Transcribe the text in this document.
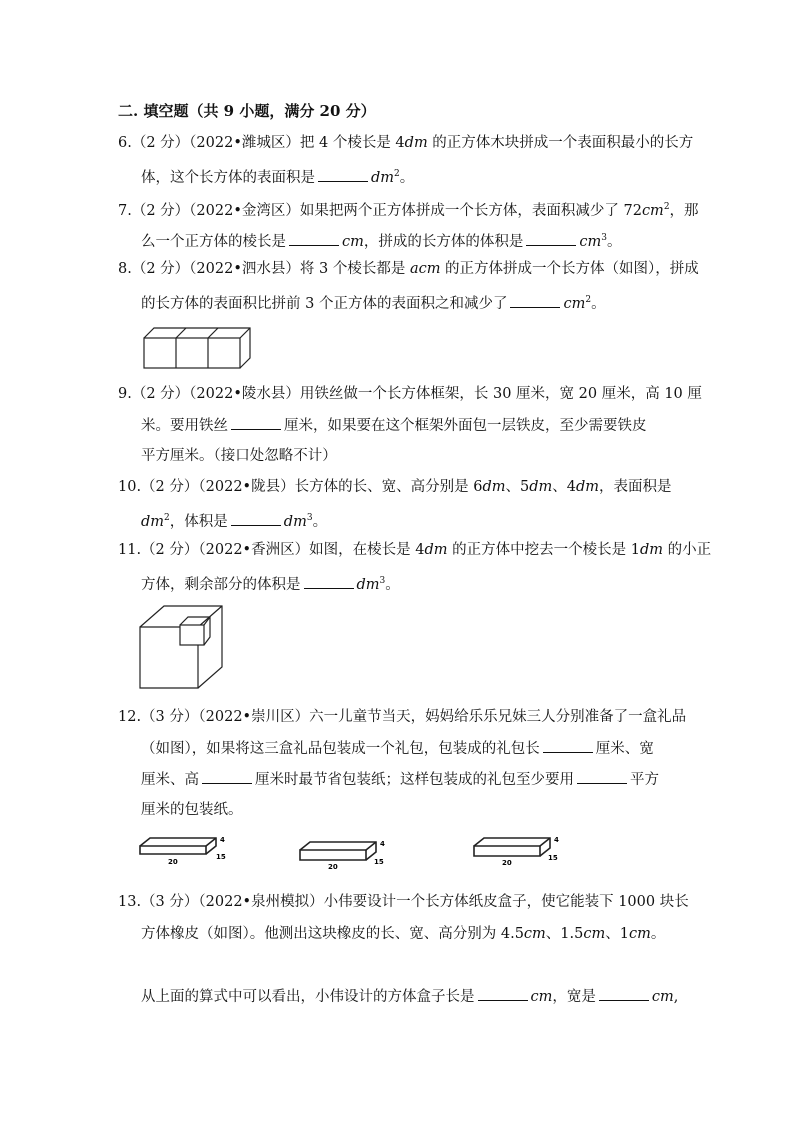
二. 填空题（共 9 小题，满分 20 分）
6.（2 分）（2022•潍城区）把 4 个棱长是 4dm 的正方体木块拼成一个表面积最小的长方
体，这个长方体的表面积是	$dm^2$。
7.（2 分）（2022•金湾区）如果把两个正方体拼成一个长方体，表面积减少了 $72cm^2$，那
么一个正方体的棱长是	cm，拼成的长方体的体积是	$cm^3$。
8.（2 分）（2022•泗水县）将 3 个棱长都是 acm 的正方体拼成一个长方体（如图），拼成
的长方体的表面积比拼前 3 个正方体的表面积之和减少了	$cm^2$。
9.（2 分）（2022•陵水县）用铁丝做一个长方体框架，长 30 厘米，宽 20 厘米，高 10 厘
米。要用铁丝	厘米，如果要在这个框架外面包一层铁皮，至少需要铁皮
平方厘米。（接口处忽略不计）
10.（2 分）（2022•陇县）长方体的长、宽、高分别是 6dm、5dm、4dm，表面积是
$dm^2$，体积是	$dm^3$。
11.（2 分）（2022•香洲区）如图，在棱长是 4dm 的正方体中挖去一个棱长是 1dm 的小正
方体，剩余部分的体积是	$dm^3$。
12.（3 分）（2022•崇川区）六一儿童节当天，妈妈给乐乐兄妹三人分别准备了一盒礼品
（如图），如果将这三盒礼品包装成一个礼包，包装成的礼包长	厘米、宽
厘米、高	厘米时最节省包装纸；这样包装成的礼包至少要用	平方
厘米的包装纸。
20
15
4
20
15
4
20
15
4
13.（3 分）（2022•泉州模拟）小伟要设计一个长方体纸皮盒子，使它能装下 1000 块长
方体橡皮（如图）。他测出这块橡皮的长、宽、高分别为 4.5cm、1.5cm、1cm。
从上面的算式中可以看出，小伟设计的方体盒子长是	cm，宽是	cm,
